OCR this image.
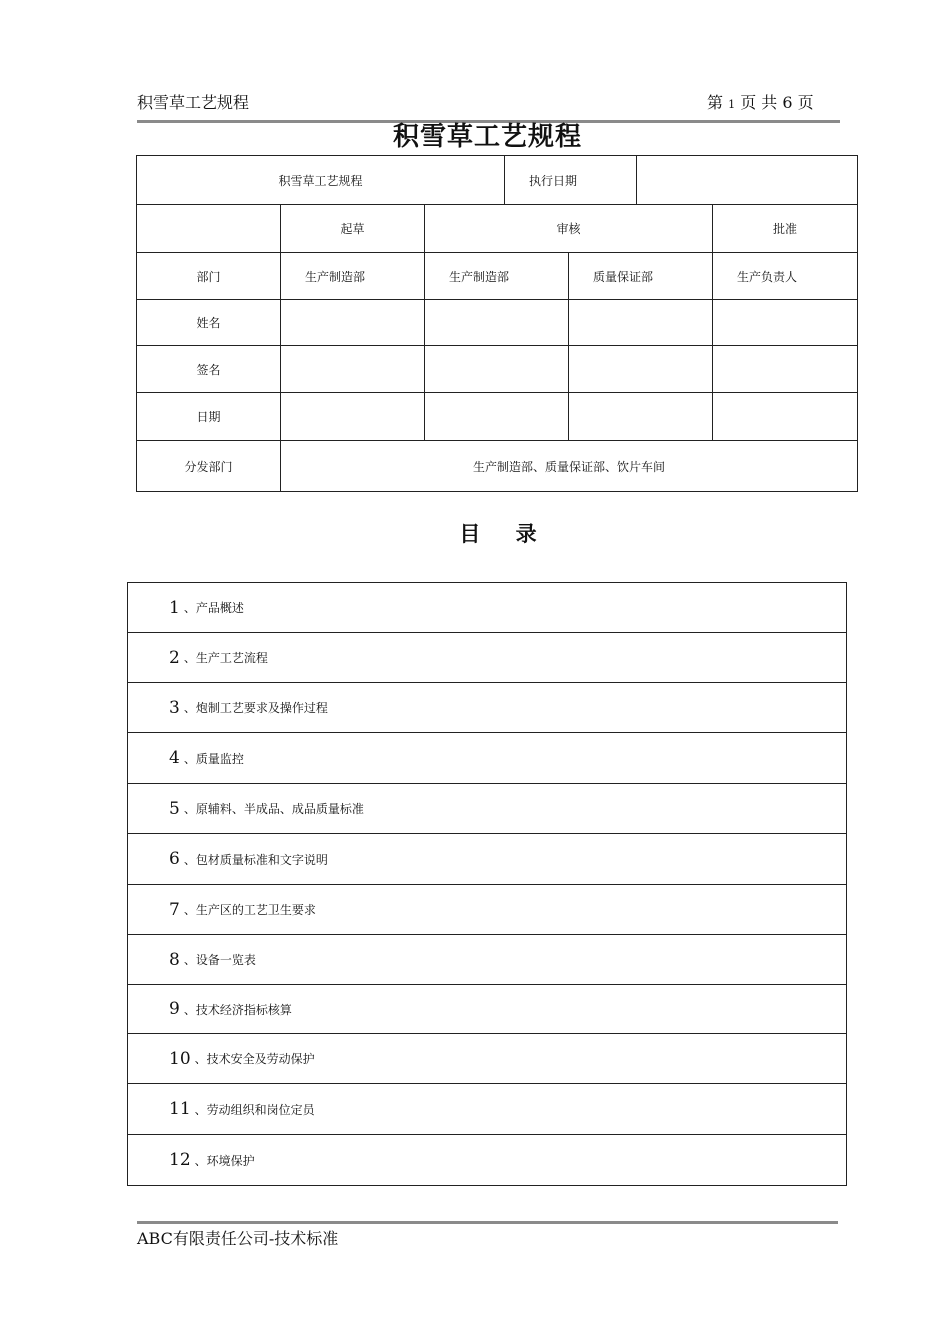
积雪草工艺规程	第 1 页 共 6 页
积雪草工艺规程
积雪草工艺规程			执行日期			
	起草	审核				批准
部门	生产制造部	生产制造部		质量保证部		生产负责人
姓名						
签名						
日期						
分发部门	生产制造部、质量保证部、饮片车间					
目 录
1 、产品概述
2 、生产工艺流程
3 、炮制工艺要求及操作过程
4 、质量监控
5 、原辅料、半成品、成品质量标准
6 、包材质量标准和文字说明
7 、生产区的工艺卫生要求
8 、设备一览表
9 、技术经济指标核算
10 、技术安全及劳动保护
11 、劳动组织和岗位定员
12 、环境保护
ABC有限责任公司-技术标准
